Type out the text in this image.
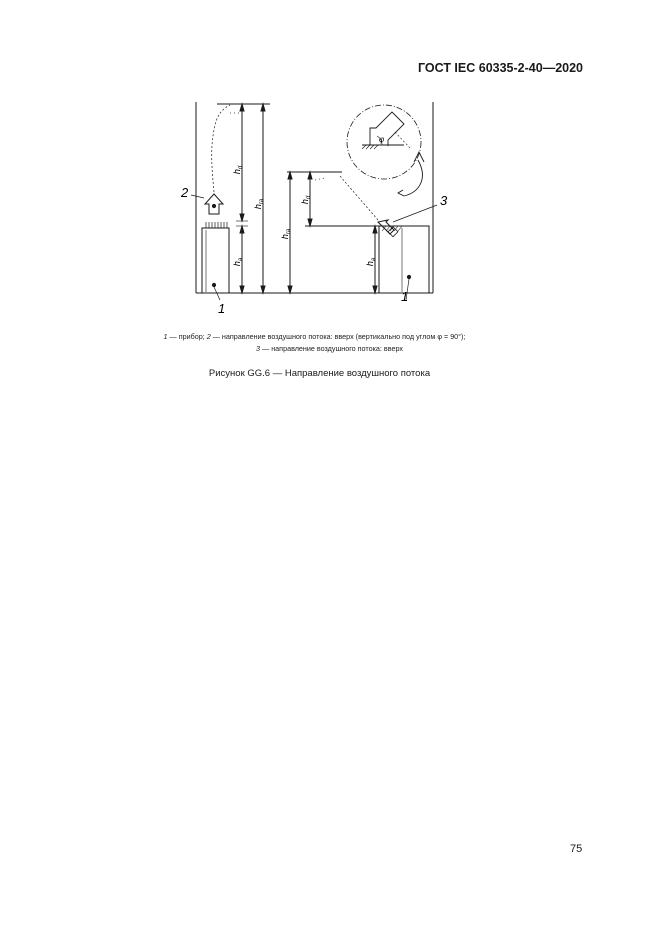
ГОСТ IEC 60335-2-40—2020
2
3
1
1
φ
$h_d$
$h_a$
$h_{ra}$
$h_{ra}$
$h_d$
$h_a$
1 — прибор; 2 — направление воздушного потока: вверх (вертикально под углом φ = 90°);
3 — направление воздушного потока: вверх
Рисунок GG.6 — Направление воздушного потока
75
